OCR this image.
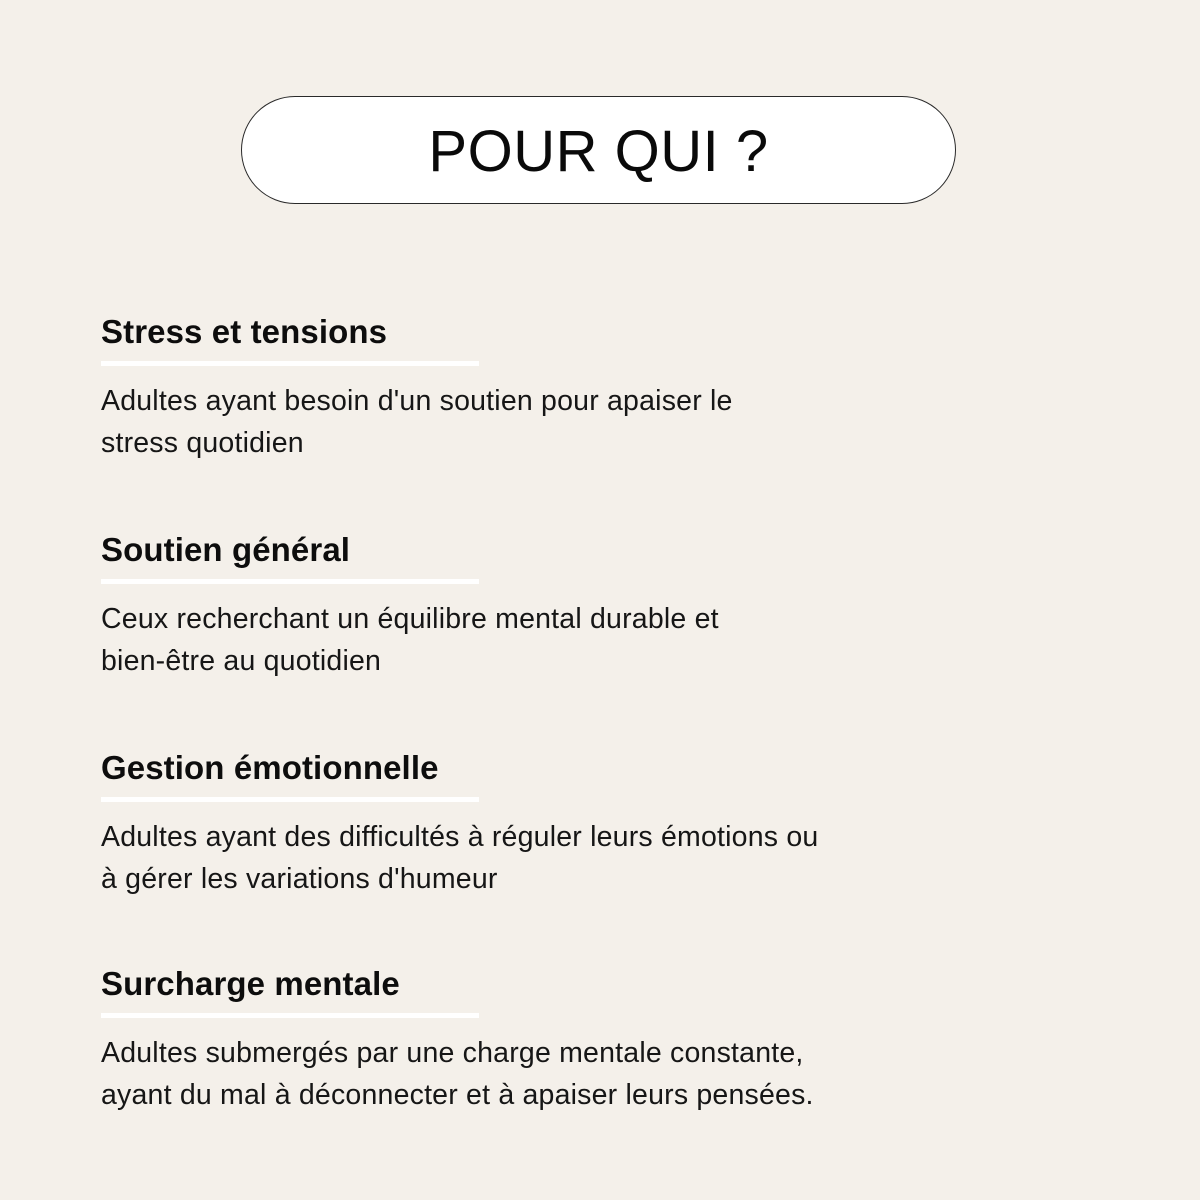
POUR QUI ?
Stress et tensions

Adultes ayant besoin d'un soutien pour apaiser le
stress quotidien

Soutien général

Ceux recherchant un équilibre mental durable et
bien-être au quotidien

Gestion émotionnelle

Adultes ayant des difficultés à réguler leurs émotions ou
à gérer les variations d'humeur

Surcharge mentale

Adultes submergés par une charge mentale constante,
ayant du mal à déconnecter et à apaiser leurs pensées.
